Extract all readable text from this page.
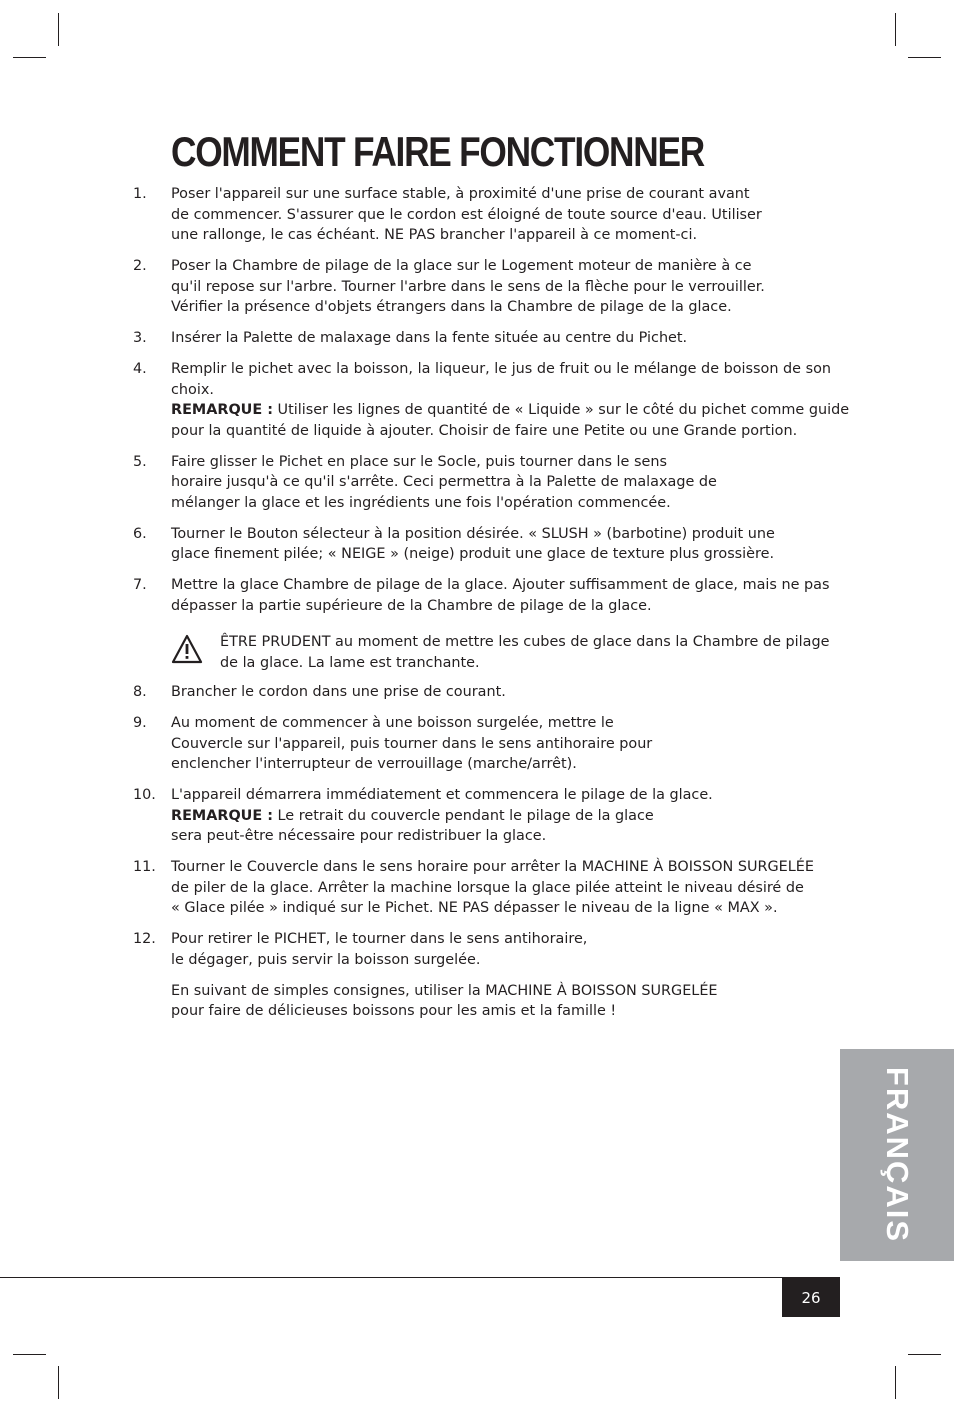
COMMENT FAIRE FONCTIONNER
1. Poser l'appareil sur une surface stable, à proximité d'une prise de courant avant
de commencer. S'assurer que le cordon est éloigné de toute source d'eau. Utiliser
une rallonge, le cas échéant. NE PAS brancher l'appareil à ce moment-ci.
2. Poser la Chambre de pilage de la glace sur le Logement moteur de manière à ce
qu'il repose sur l'arbre. Tourner l'arbre dans le sens de la flèche pour le verrouiller.
Vérifier la présence d'objets étrangers dans la Chambre de pilage de la glace.
3. Insérer la Palette de malaxage dans la fente située au centre du Pichet.
4. Remplir le pichet avec la boisson, la liqueur, le jus de fruit ou le mélange de boisson de son
choix.
REMARQUE : Utiliser les lignes de quantité de « Liquide » sur le côté du pichet comme guide
pour la quantité de liquide à ajouter. Choisir de faire une Petite ou une Grande portion.
5. Faire glisser le Pichet en place sur le Socle, puis tourner dans le sens
horaire jusqu'à ce qu'il s'arrête. Ceci permettra à la Palette de malaxage de
mélanger la glace et les ingrédients une fois l'opération commencée.
6. Tourner le Bouton sélecteur à la position désirée. « SLUSH » (barbotine) produit une
glace finement pilée; « NEIGE » (neige) produit une glace de texture plus grossière.
7. Mettre la glace Chambre de pilage de la glace. Ajouter suffisamment de glace, mais ne pas
dépasser la partie supérieure de la Chambre de pilage de la glace.
ÊTRE PRUDENT au moment de mettre les cubes de glace dans la Chambre de pilage
de la glace. La lame est tranchante.
8. Brancher le cordon dans une prise de courant.
9. Au moment de commencer à une boisson surgelée, mettre le
Couvercle sur l'appareil, puis tourner dans le sens antihoraire pour
enclencher l'interrupteur de verrouillage (marche/arrêt).
10. L'appareil démarrera immédiatement et commencera le pilage de la glace.
REMARQUE : Le retrait du couvercle pendant le pilage de la glace
sera peut-être nécessaire pour redistribuer la glace.
11. Tourner le Couvercle dans le sens horaire pour arrêter la MACHINE À BOISSON SURGELÉE
de piler de la glace. Arrêter la machine lorsque la glace pilée atteint le niveau désiré de
« Glace pilée » indiqué sur le Pichet. NE PAS dépasser le niveau de la ligne « MAX ».
12. Pour retirer le PICHET, le tourner dans le sens antihoraire,
le dégager, puis servir la boisson surgelée.
En suivant de simples consignes, utiliser la MACHINE À BOISSON SURGELÉE
pour faire de délicieuses boissons pour les amis et la famille !
FRANÇAIS
26
